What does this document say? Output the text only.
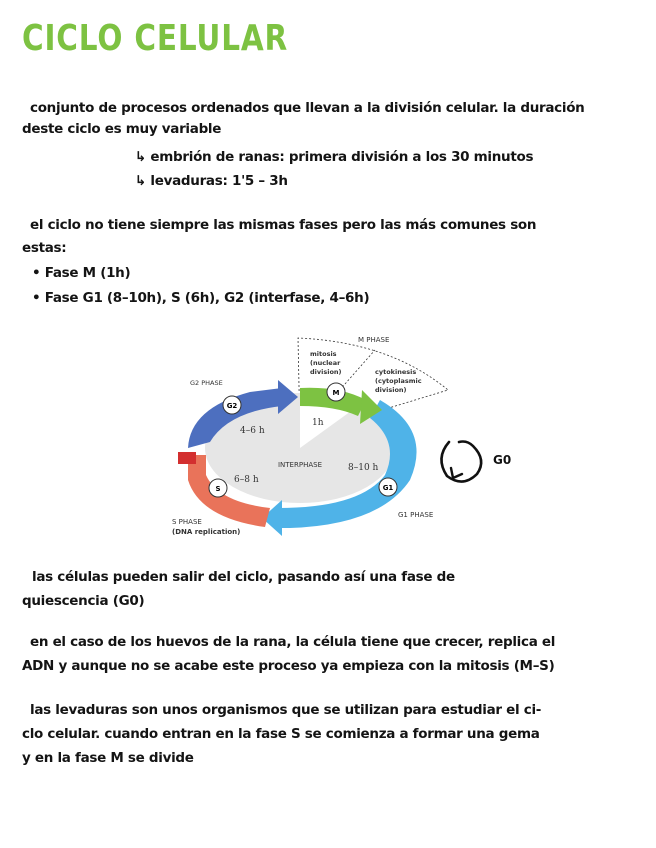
CICLO CELULAR
conjunto de procesos ordenados que llevan a la división celular. la duración
deste ciclo es muy variable
↳ embrión de ranas: primera división a los 30 minutos
↳ levaduras: 1'5 – 3h
el ciclo no tiene siempre las mismas fases pero las más comunes son
estas:
• Fase M (1h)
• Fase G1 (8–10h), S (6h), G2 (interfase, 4–6h)
G2
M
S	G1
M PHASE
mitosis
(nuclear
division)	cytokinesis
(cytoplasmic
division)
G2 PHASE
G1 PHASE
S PHASE
(DNA replication)
INTERPHASE
1h
4–6 h
6–8 h
8–10 h
G0
las células pueden salir del ciclo, pasando así una fase de
quiescencia (G0)
en el caso de los huevos de la rana, la célula tiene que crecer, replica el
ADN y aunque no se acabe este proceso ya empieza con la mitosis (M–S)
las levaduras son unos organismos que se utilizan para estudiar el ci-
clo celular. cuando entran en la fase S se comienza a formar una gema
y en la fase M se divide
